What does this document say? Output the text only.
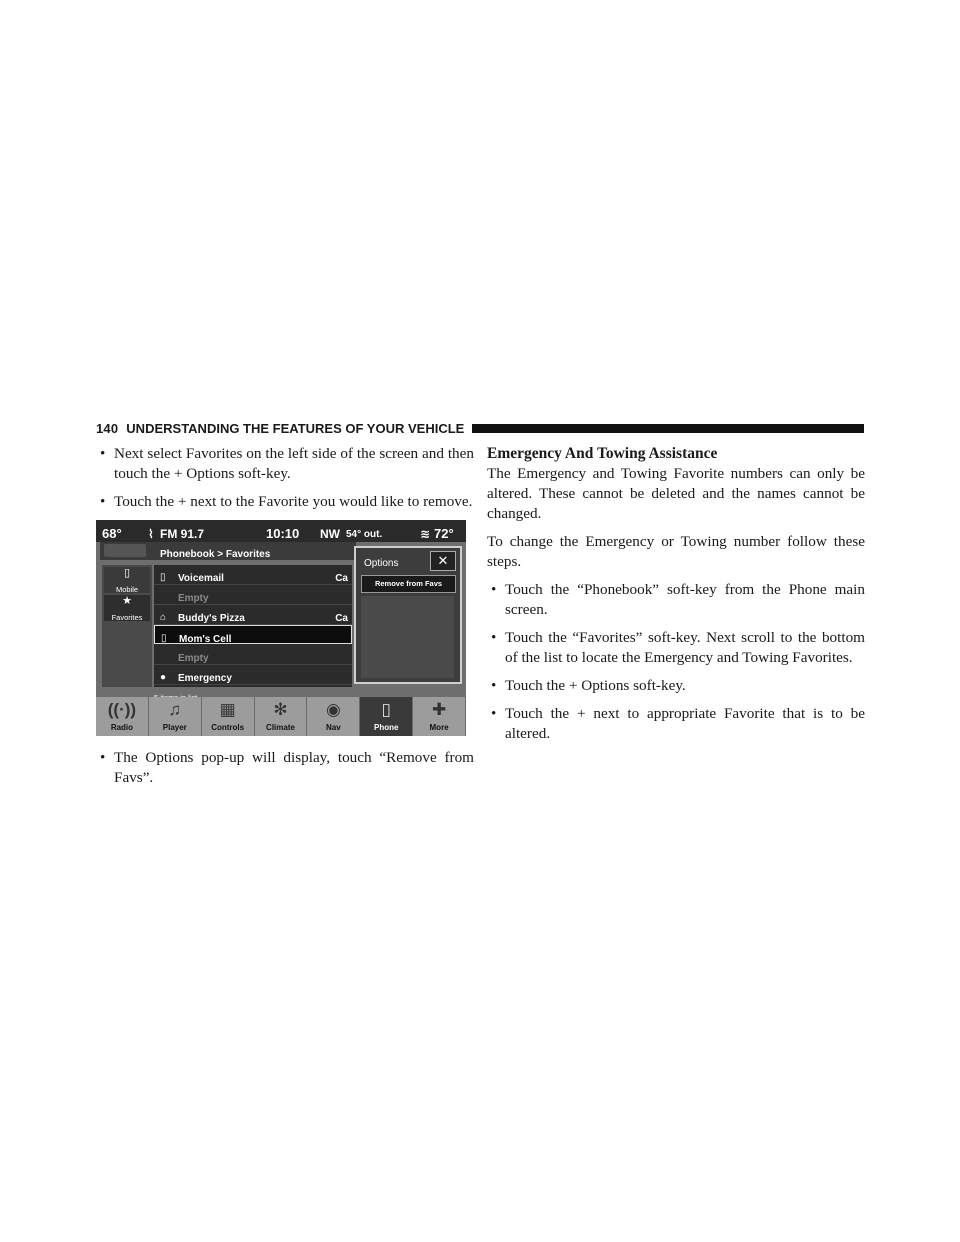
140 UNDERSTANDING THE FEATURES OF YOUR VEHICLE
• Next select Favorites on the left side of the screen and then touch the + Options soft-key.
• Touch the + next to the Favorite you would like to remove.
68° ⌇ FM 91.7	10:10 NW 54° out.	≋ 72°
Phonebook > Favorites
▯
Mobile
★
Favorites
▯ Voicemail	Ca
Empty
⌂ Buddy's Pizza	Ca
▯ Mom's Cell
Empty
● Emergency
Options	✕
Remove from Favs
((·))
Radio
♫
Player
▦
Controls
✻
Climate
◉
Nav
▯
Phone
✚
More
• The Options pop-up will display, touch “Remove from Favs”.
Emergency And Towing Assistance

The Emergency and Towing Favorite numbers can only be altered. These cannot be deleted and the names cannot be changed.

To change the Emergency or Towing number follow these steps.

• Touch the “Phonebook” soft-key from the Phone main screen.
• Touch the “Favorites” soft-key. Next scroll to the bottom of the list to locate the Emergency and Towing Favorites.
• Touch the + Options soft-key.
• Touch the + next to appropriate Favorite that is to be altered.
